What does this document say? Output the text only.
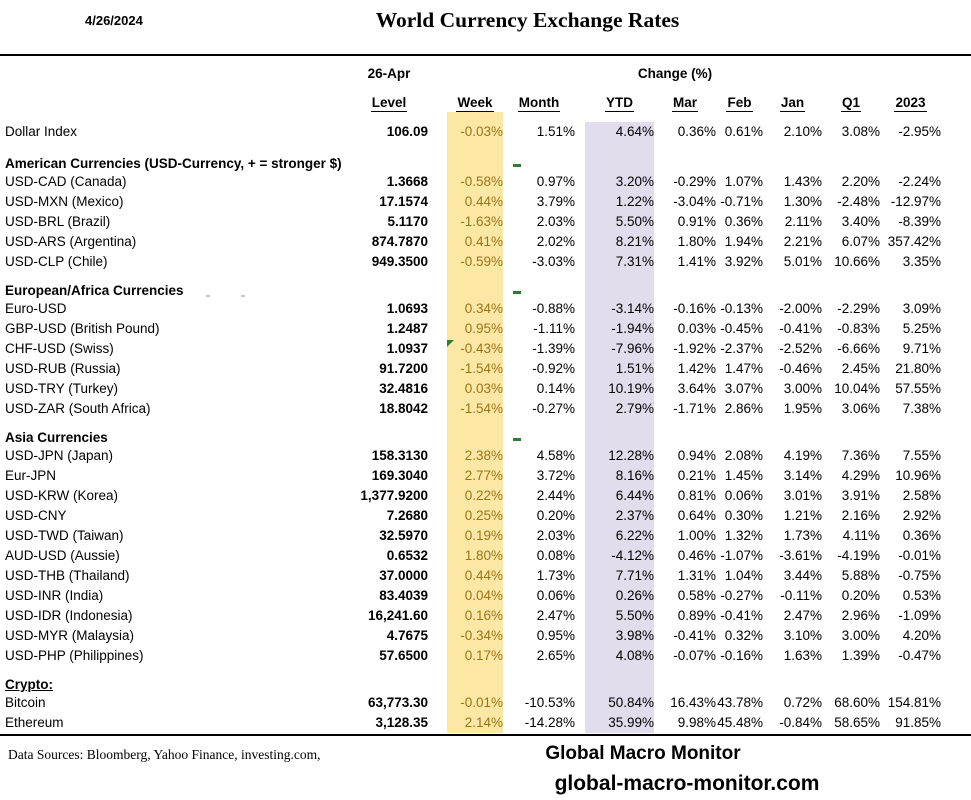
4/26/2024	World Currency Exchange Rates
26-Apr	Change (%)
	Level		Week	Month		YTD	Mar	Feb	Jan	Q1	2023

Dollar Index	106.09		-0.03%	1.51%		4.64%	0.36%	0.61%	2.10%	3.08%	-2.95%
American Currencies (USD-Currency, + = stronger $)				

USD-CAD (Canada)	1.3668		-0.58%	0.97%		3.20%	-0.29%	1.07%	1.43%	2.20%	-2.24%
USD-MXN (Mexico)	17.1574		0.44%	3.79%		1.22%	-3.04%	-0.71%	1.30%	-2.48%	-12.97%
USD-BRL (Brazil)	5.1170		-1.63%	2.03%		5.50%	0.91%	0.36%	2.11%	3.40%	-8.39%
USD-ARS (Argentina)	874.7870		0.41%	2.02%		8.21%	1.80%	1.94%	2.21%	6.07%	357.42%
USD-CLP (Chile)	949.3500		-0.59%	-3.03%		7.31%	1.41%	3.92%	5.01%	10.66%	3.35%
European/Africa Currencies				

Euro-USD	1.0693		0.34%	-0.88%		-3.14%	-0.16%	-0.13%	-2.00%	-2.29%	3.09%
GBP-USD (British Pound)	1.2487		0.95%	-1.11%		-1.94%	0.03%	-0.45%	-0.41%	-0.83%	5.25%
CHF-USD (Swiss)	1.0937		-0.43%	-1.39%		-7.96%	-1.92%	-2.37%	-2.52%	-6.66%	9.71%
USD-RUB (Russia)	91.7200		-1.54%	-0.92%		1.51%	1.42%	1.47%	-0.46%	2.45%	21.80%
USD-TRY (Turkey)	32.4816		0.03%	0.14%		10.19%	3.64%	3.07%	3.00%	10.04%	57.55%
USD-ZAR (South Africa)	18.8042		-1.54%	-0.27%		2.79%	-1.71%	2.86%	1.95%	3.06%	7.38%
Asia Currencies				

USD-JPN (Japan)	158.3130		2.38%	4.58%		12.28%	0.94%	2.08%	4.19%	7.36%	7.55%
Eur-JPN	169.3040		2.77%	3.72%		8.16%	0.21%	1.45%	3.14%	4.29%	10.96%
USD-KRW (Korea)	1,377.9200		0.22%	2.44%		6.44%	0.81%	0.06%	3.01%	3.91%	2.58%
USD-CNY	7.2680		0.25%	0.20%		2.37%	0.64%	0.30%	1.21%	2.16%	2.92%
USD-TWD (Taiwan)	32.5970		0.19%	2.03%		6.22%	1.00%	1.32%	1.73%	4.11%	0.36%
AUD-USD (Aussie)	0.6532		1.80%	0.08%		-4.12%	0.46%	-1.07%	-3.61%	-4.19%	-0.01%
USD-THB (Thailand)	37.0000		0.44%	1.73%		7.71%	1.31%	1.04%	3.44%	5.88%	-0.75%
USD-INR (India)	83.4039		0.04%	0.06%		0.26%	0.58%	-0.27%	-0.11%	0.20%	0.53%
USD-IDR (Indonesia)	16,241.60		0.16%	2.47%		5.50%	0.89%	-0.41%	2.47%	2.96%	-1.09%
USD-MYR (Malaysia)	4.7675		-0.34%	0.95%		3.98%	-0.41%	0.32%	3.10%	3.00%	4.20%
USD-PHP (Philippines)	57.6500		0.17%	2.65%		4.08%	-0.07%	-0.16%	1.63%	1.39%	-0.47%
Crypto:											
Bitcoin	63,773.30		-0.01%	-10.53%		50.84%	16.43%	43.78%	0.72%	68.60%	154.81%
Ethereum	3,128.35		2.14%	-14.28%		35.99%	9.98%	45.48%	-0.84%	58.65%	91.85%
Data Sources: Bloomberg, Yahoo Finance, investing.com,	Global Macro Monitor
global-macro-monitor.com
